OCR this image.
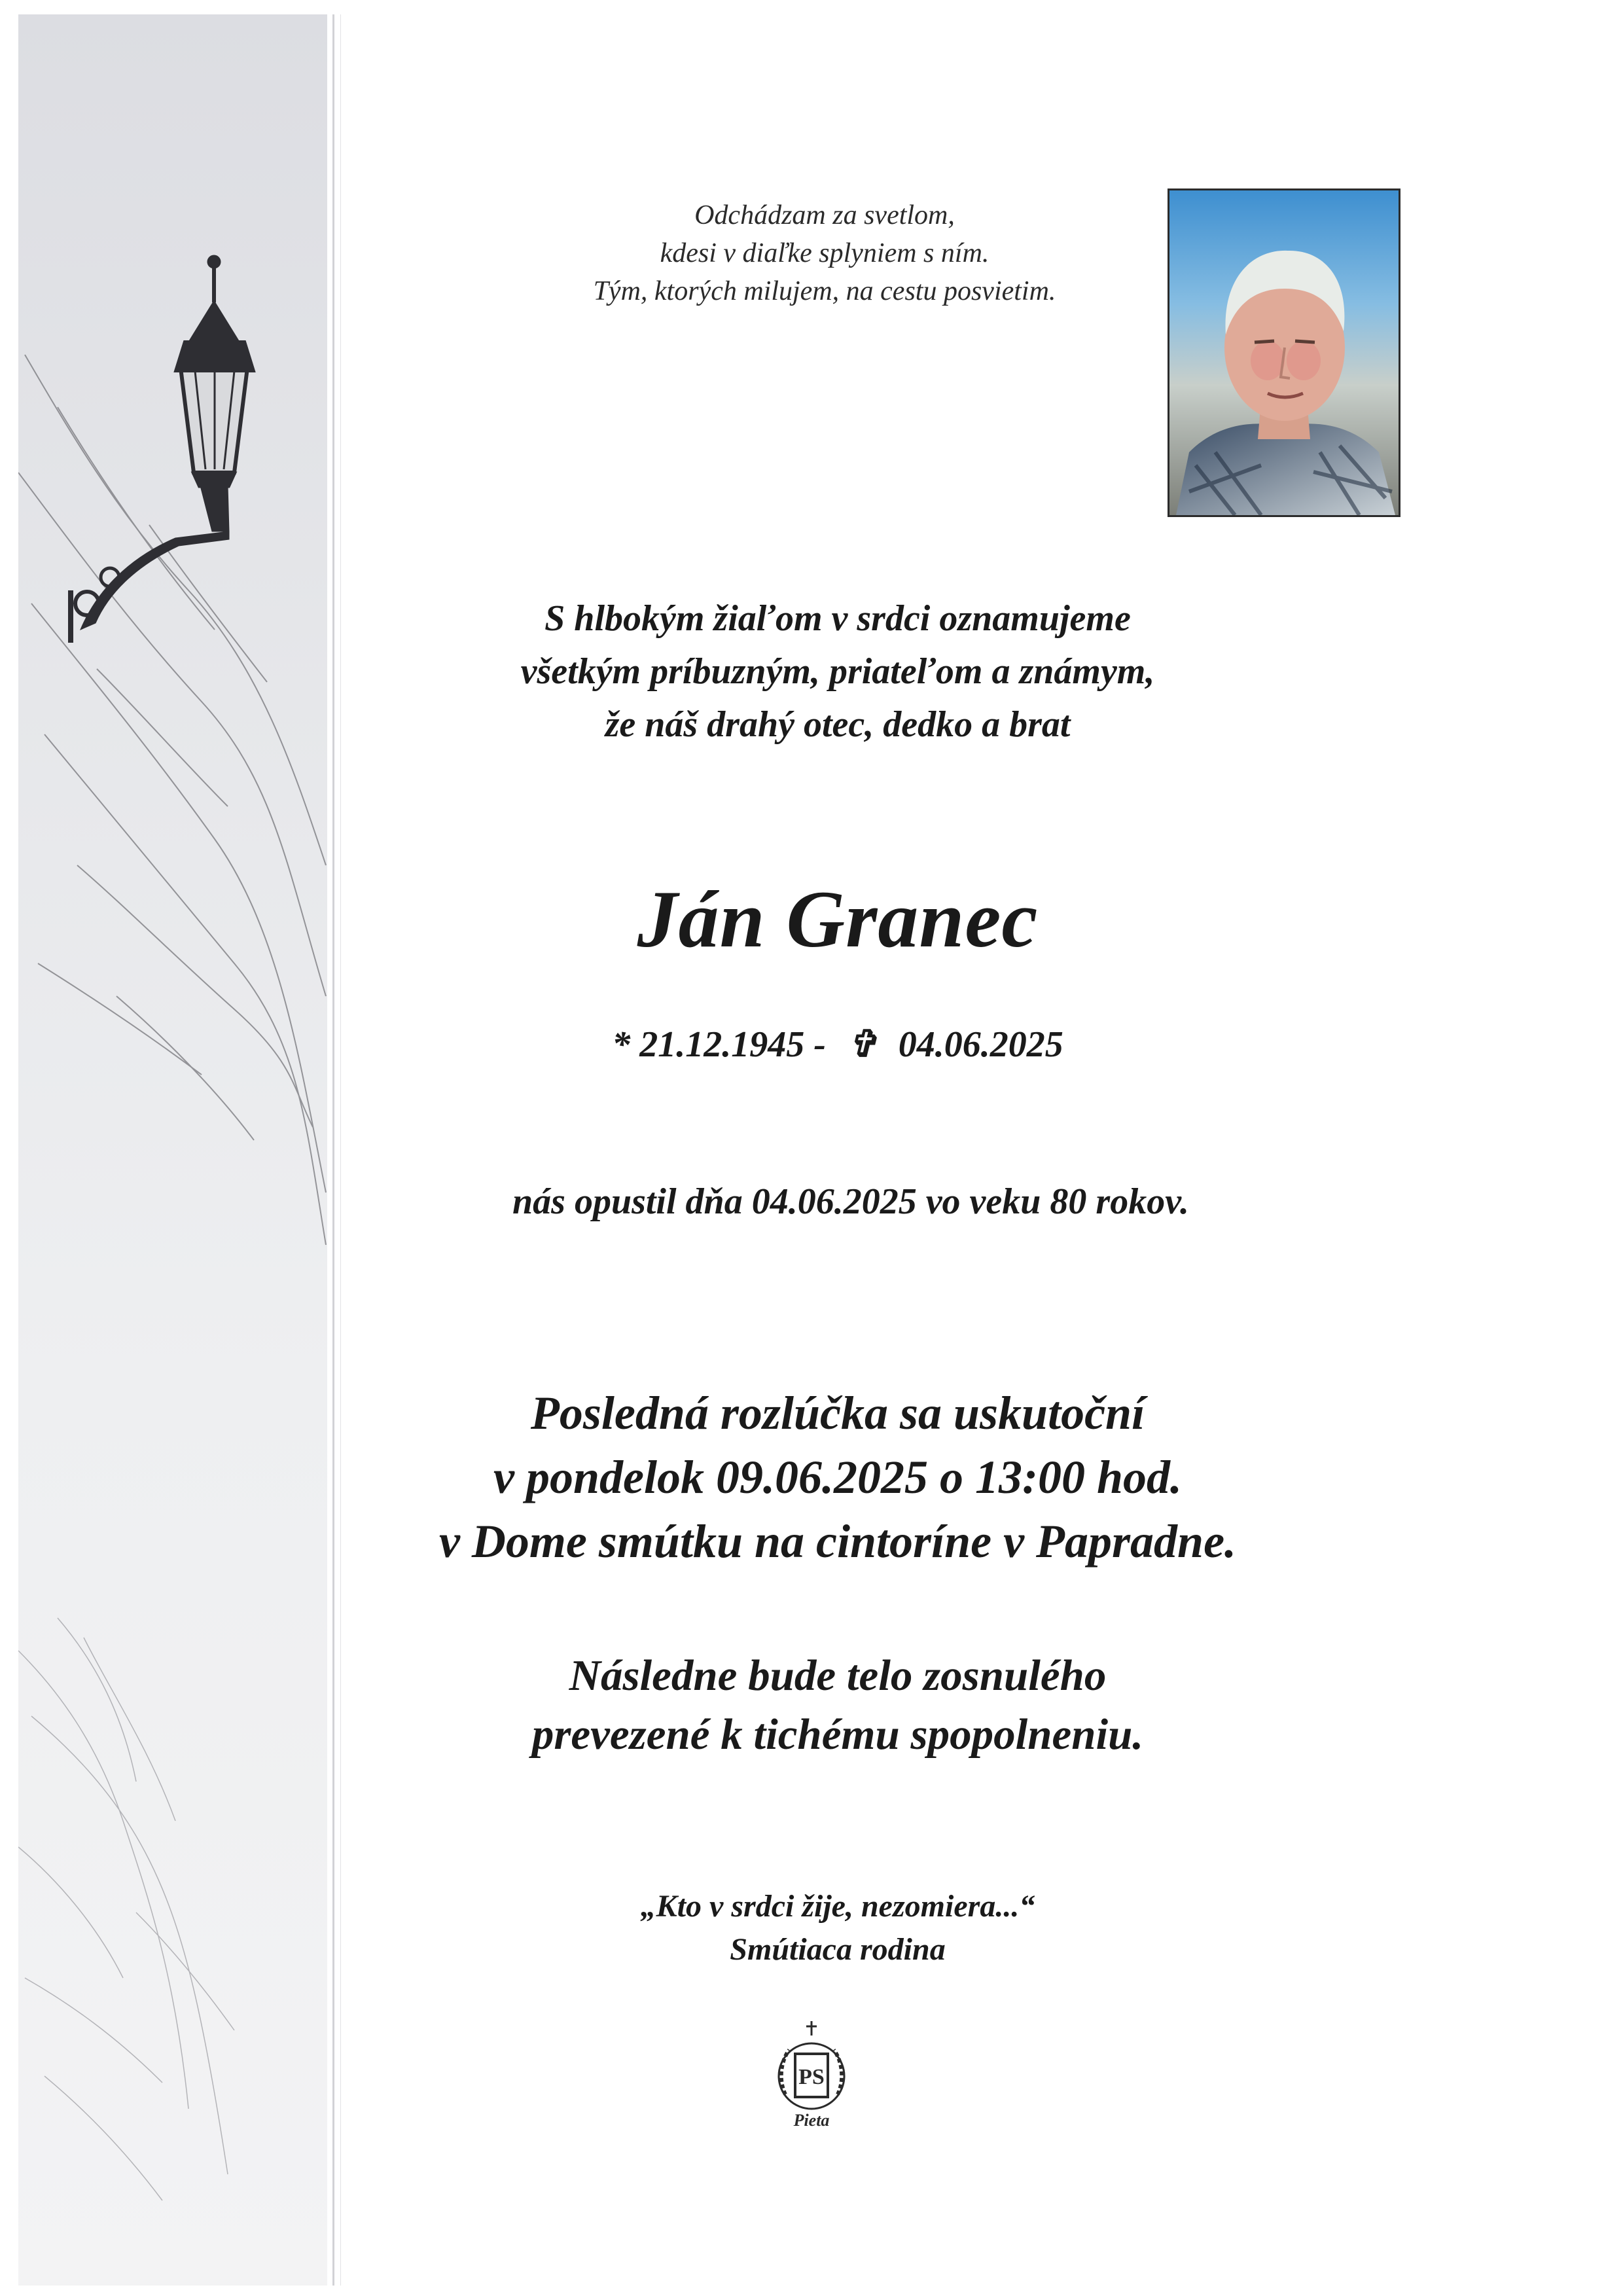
Odchádzam za svetlom,
kdesi v diaľke splyniem s ním.
Tým, ktorých milujem, na cestu posvietim.
S hlbokým žiaľom v srdci oznamujeme
všetkým príbuzným, priateľom a známym,
že náš drahý otec, dedko a brat
Ján Granec
* 21.12.1945 - ✞ 04.06.2025
nás opustil dňa 04.06.2025 vo veku 80 rokov.
Posledná rozlúčka sa uskutoční
v pondelok 09.06.2025 o 13:00 hod.
v Dome smútku na cintoríne v Papradne.
Následne bude telo zosnulého
prevezené k tichému spopolneniu.
„Kto v srdci žije, nezomiera...“
Smútiaca rodina
PS
Pieta
